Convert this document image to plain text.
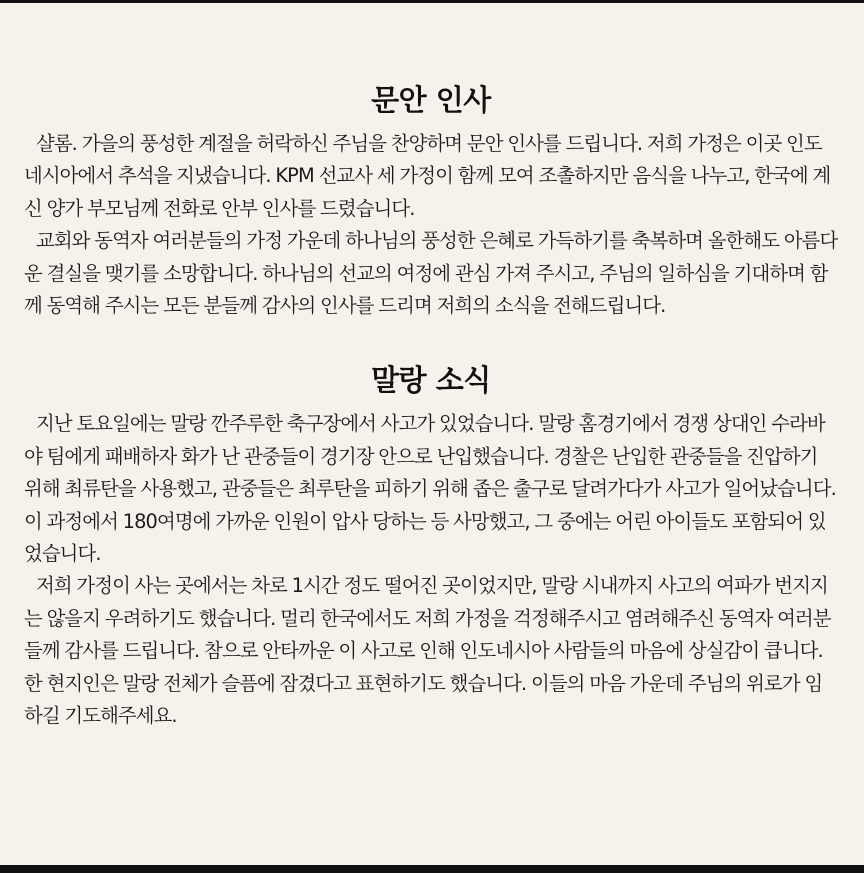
문안 인사

샬롬. 가을의 풍성한 계절을 허락하신 주님을 찬양하며 문안 인사를 드립니다. 저희 가정은 이곳 인도네시아에서 추석을 지냈습니다. KPM 선교사 세 가정이 함께 모여 조촐하지만 음식을 나누고, 한국에 계신 양가 부모님께 전화로 안부 인사를 드렸습니다.

교회와 동역자 여러분들의 가정 가운데 하나님의 풍성한 은혜로 가득하기를 축복하며 올한해도 아름다운 결실을 맺기를 소망합니다. 하나님의 선교의 여정에 관심 가져 주시고, 주님의 일하심을 기대하며 함께 동역해 주시는 모든 분들께 감사의 인사를 드리며 저희의 소식을 전해드립니다.

말랑 소식

지난 토요일에는 말랑 깐주루한 축구장에서 사고가 있었습니다. 말랑 홈경기에서 경쟁 상대인 수라바야 팀에게 패배하자 화가 난 관중들이 경기장 안으로 난입했습니다. 경찰은 난입한 관중들을 진압하기 위해 최류탄을 사용했고, 관중들은 최루탄을 피하기 위해 좁은 출구로 달려가다가 사고가 일어났습니다. 이 과정에서 180여명에 가까운 인원이 압사 당하는 등 사망했고, 그 중에는 어린 아이들도 포함되어 있었습니다.

저희 가정이 사는 곳에서는 차로 1시간 정도 떨어진 곳이었지만, 말랑 시내까지 사고의 여파가 번지지는 않을지 우려하기도 했습니다. 멀리 한국에서도 저희 가정을 걱정해주시고 염려해주신 동역자 여러분들께 감사를 드립니다. 참으로 안타까운 이 사고로 인해 인도네시아 사람들의 마음에 상실감이 큽니다. 한 현지인은 말랑 전체가 슬픔에 잠겼다고 표현하기도 했습니다. 이들의 마음 가운데 주님의 위로가 임하길 기도해주세요.
